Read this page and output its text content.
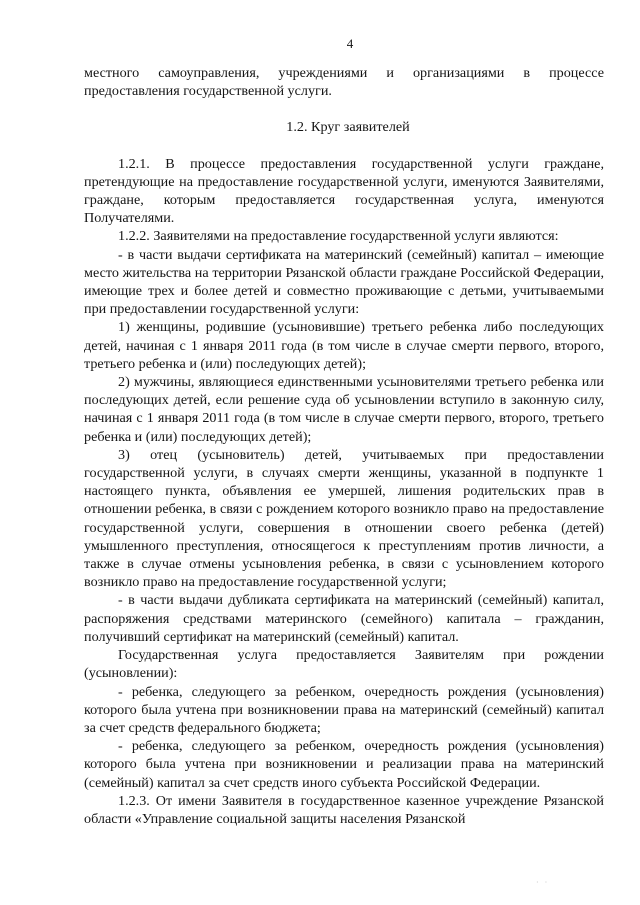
4

местного самоуправления, учреждениями и организациями в процессе предоставления государственной услуги.

1.2. Круг заявителей

1.2.1. В процессе предоставления государственной услуги граждане, претендующие на предоставление государственной услуги, именуются Заявителями, граждане, которым предоставляется государственная услуга, именуются Получателями.

1.2.2. Заявителями на предоставление государственной услуги являются:

- в части выдачи сертификата на материнский (семейный) капитал – имеющие место жительства на территории Рязанской области граждане Российской Федерации, имеющие трех и более детей и совместно проживающие с детьми, учитываемыми при предоставлении государственной услуги:

1) женщины, родившие (усыновившие) третьего ребенка либо последующих детей, начиная с 1 января 2011 года (в том числе в случае смерти первого, второго, третьего ребенка и (или) последующих детей);

2) мужчины, являющиеся единственными усыновителями третьего ребенка или последующих детей, если решение суда об усыновлении вступило в законную силу, начиная с 1 января 2011 года (в том числе в случае смерти первого, второго, третьего ребенка и (или) последующих детей);

3) отец (усыновитель) детей, учитываемых при предоставлении государственной услуги, в случаях смерти женщины, указанной в подпункте 1 настоящего пункта, объявления ее умершей, лишения родительских прав в отношении ребенка, в связи с рождением которого возникло право на предоставление государственной услуги, совершения в отношении своего ребенка (детей) умышленного преступления, относящегося к преступлениям против личности, а также в случае отмены усыновления ребенка, в связи с усыновлением которого возникло право на предоставление государственной услуги;

- в части выдачи дубликата сертификата на материнский (семейный) капитал, распоряжения средствами материнского (семейного) капитала – гражданин, получивший сертификат на материнский (семейный) капитал.

Государственная услуга предоставляется Заявителям при рождении (усыновлении):

- ребенка, следующего за ребенком, очередность рождения (усыновления) которого была учтена при возникновении права на материнский (семейный) капитал за счет средств федерального бюджета;

- ребенка, следующего за ребенком, очередность рождения (усыновления) которого была учтена при возникновении и реализации права на материнский (семейный) капитал за счет средств иного субъекта Российской Федерации.

1.2.3. От имени Заявителя в государственное казенное учреждение Рязанской области «Управление социальной защиты населения Рязанской

· ·
